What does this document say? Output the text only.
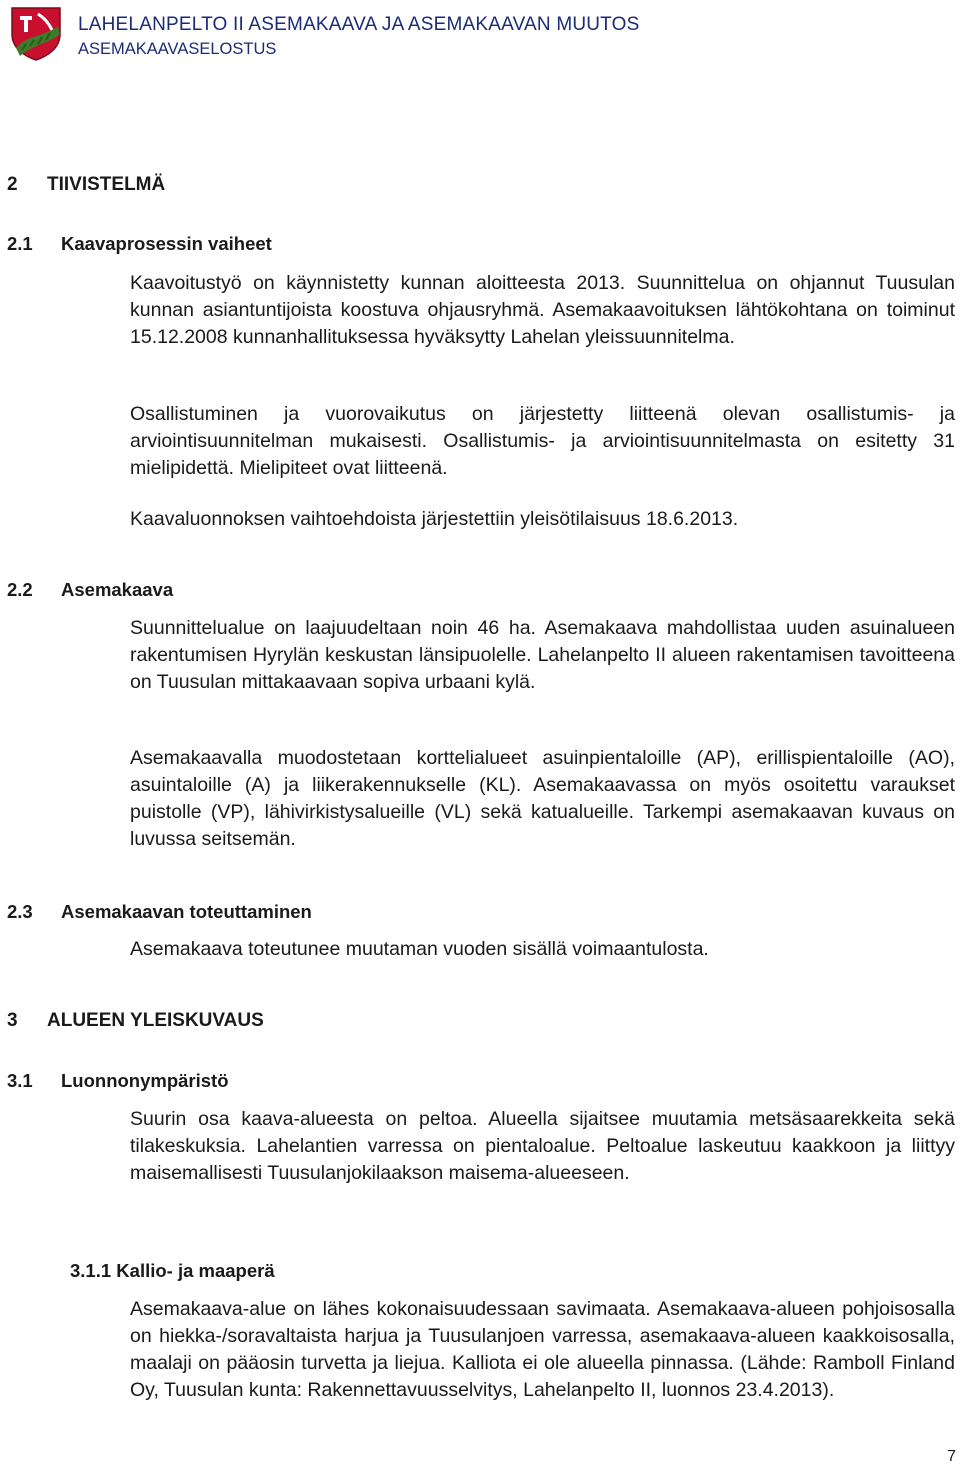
LAHELANPELTO II ASEMAKAAVA JA ASEMAKAAVAN MUUTOS
ASEMAKAAVASELOSTUS
2 TIIVISTELMÄ
2.1 Kaavaprosessin vaiheet
Kaavoitustyö on käynnistetty kunnan aloitteesta 2013. Suunnittelua on ohjannut Tuusulan kunnan asiantuntijoista koostuva ohjausryhmä. Asemakaavoituksen lähtökohtana on toiminut 15.12.2008 kunnanhallituksessa hyväksytty Lahelan yleissuunnitelma.
Osallistuminen ja vuorovaikutus on järjestetty liitteenä olevan osallistumis- ja arviointisuunnitelman mukaisesti. Osallistumis- ja arviointisuunnitelmasta on esitetty 31 mielipidettä. Mielipiteet ovat liitteenä.
Kaavaluonnoksen vaihtoehdoista järjestettiin yleisötilaisuus 18.6.2013.
2.2 Asemakaava
Suunnittelualue on laajuudeltaan noin 46 ha. Asemakaava mahdollistaa uuden asuinalueen rakentumisen Hyrylän keskustan länsipuolelle. Lahelanpelto II alueen rakentamisen tavoitteena on Tuusulan mittakaavaan sopiva urbaani kylä.
Asemakaavalla muodostetaan korttelialueet asuinpientaloille (AP), erillispientaloille (AO), asuintaloille (A) ja liikerakennukselle (KL). Asemakaavassa on myös osoitettu varaukset puistolle (VP), lähivirkistysalueille (VL) sekä katualueille. Tarkempi asemakaavan kuvaus on luvussa seitsemän.
2.3 Asemakaavan toteuttaminen
Asemakaava toteutunee muutaman vuoden sisällä voimaantulosta.
3 ALUEEN YLEISKUVAUS
3.1 Luonnonympäristö
Suurin osa kaava-alueesta on peltoa. Alueella sijaitsee muutamia metsäsaarekkeita sekä tilakeskuksia. Lahelantien varressa on pientaloalue. Peltoalue laskeutuu kaakkoon ja liittyy maisemallisesti Tuusulanjokilaakson maisema-alueeseen.
3.1.1 Kallio- ja maaperä
Asemakaava-alue on lähes kokonaisuudessaan savimaata. Asemakaava-alueen pohjoisosalla on hiekka-/soravaltaista harjua ja Tuusulanjoen varressa, asemakaava-alueen kaakkoisosalla, maalaji on pääosin turvetta ja liejua. Kalliota ei ole alueella pinnassa. (Lähde: Ramboll Finland Oy, Tuusulan kunta: Rakennettavuusselvitys, Lahelanpelto II, luonnos 23.4.2013).
7
